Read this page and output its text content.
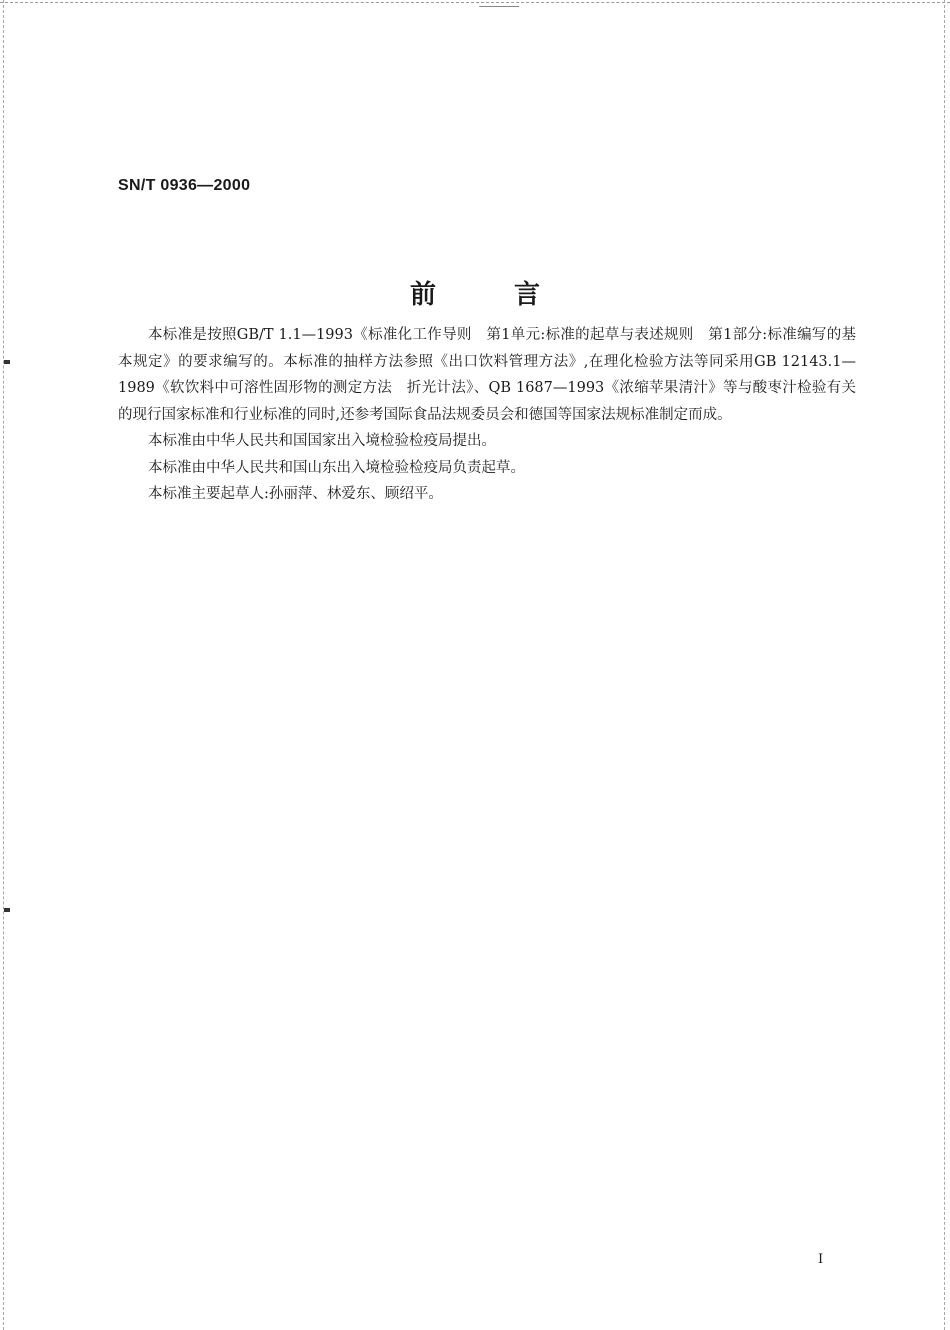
SN/T 0936—2000
前	言

本标准是按照GB/T 1.1—1993《标准化工作导则　第1单元:标准的起草与表述规则　第1部分:标准编写的基本规定》的要求编写的。本标准的抽样方法参照《出口饮料管理方法》,在理化检验方法等同采用GB 12143.1—1989《软饮料中可溶性固形物的测定方法　折光计法》、QB 1687—1993《浓缩苹果清汁》等与酸枣汁检验有关的现行国家标准和行业标准的同时,还参考国际食品法规委员会和德国等国家法规标准制定而成。

本标准由中华人民共和国国家出入境检验检疫局提出。

本标准由中华人民共和国山东出入境检验检疫局负责起草。

本标准主要起草人:孙丽萍、林爱东、顾绍平。

I
